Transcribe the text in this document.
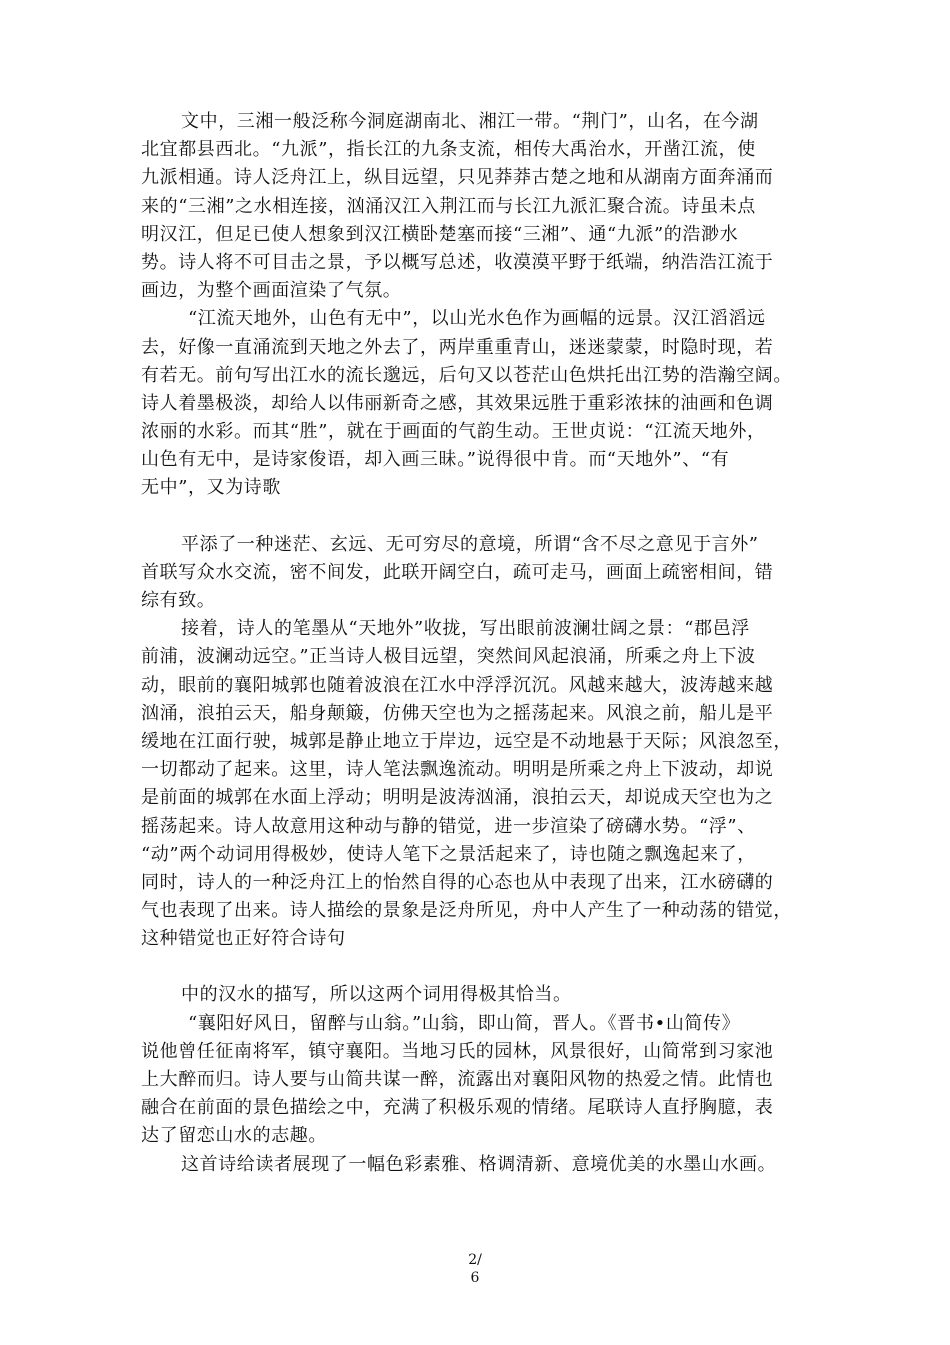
文中，三湘一般泛称今洞庭湖南北、湘江一带。“荆门”，山名，在今湖
北宜都县西北。“九派”，指长江的九条支流，相传大禹治水，开凿江流，使
九派相通。诗人泛舟江上，纵目远望，只见莽莽古楚之地和从湖南方面奔涌而
来的“三湘”之水相连接，汹涌汉江入荆江而与长江九派汇聚合流。诗虽未点
明汉江，但足已使人想象到汉江横卧楚塞而接“三湘”、通“九派”的浩渺水
势。诗人将不可目击之景，予以概写总述，收漠漠平野于纸端，纳浩浩江流于
画边，为整个画面渲染了气氛。
“江流天地外，山色有无中”，以山光水色作为画幅的远景。汉江滔滔远
去，好像一直涌流到天地之外去了，两岸重重青山，迷迷蒙蒙，时隐时现，若
有若无。前句写出江水的流长邈远，后句又以苍茫山色烘托出江势的浩瀚空阔。
诗人着墨极淡，却给人以伟丽新奇之感，其效果远胜于重彩浓抹的油画和色调
浓丽的水彩。而其“胜”，就在于画面的气韵生动。王世贞说：“江流天地外，
山色有无中，是诗家俊语，却入画三昧。”说得很中肯。而“天地外”、“有
无中”，又为诗歌
平添了一种迷茫、玄远、无可穷尽的意境，所谓“含不尽之意见于言外”
首联写众水交流，密不间发，此联开阔空白，疏可走马，画面上疏密相间，错
综有致。
接着，诗人的笔墨从“天地外”收拢，写出眼前波澜壮阔之景：“郡邑浮
前浦，波澜动远空。”正当诗人极目远望，突然间风起浪涌，所乘之舟上下波
动，眼前的襄阳城郭也随着波浪在江水中浮浮沉沉。风越来越大，波涛越来越
汹涌，浪拍云天，船身颠簸，仿佛天空也为之摇荡起来。风浪之前，船儿是平
缓地在江面行驶，城郭是静止地立于岸边，远空是不动地悬于天际；风浪忽至，
一切都动了起来。这里，诗人笔法飘逸流动。明明是所乘之舟上下波动，却说
是前面的城郭在水面上浮动；明明是波涛汹涌，浪拍云天，却说成天空也为之
摇荡起来。诗人故意用这种动与静的错觉，进一步渲染了磅礴水势。“浮”、
“动”两个动词用得极妙，使诗人笔下之景活起来了，诗也随之飘逸起来了，
同时，诗人的一种泛舟江上的怡然自得的心态也从中表现了出来，江水磅礴的
气也表现了出来。诗人描绘的景象是泛舟所见，舟中人产生了一种动荡的错觉，
这种错觉也正好符合诗句
中的汉水的描写，所以这两个词用得极其恰当。
“襄阳好风日，留醉与山翁。”山翁，即山简，晋人。《晋书•山简传》
说他曾任征南将军，镇守襄阳。当地习氏的园林，风景很好，山简常到习家池
上大醉而归。诗人要与山简共谋一醉，流露出对襄阳风物的热爱之情。此情也
融合在前面的景色描绘之中，充满了积极乐观的情绪。尾联诗人直抒胸臆，表
达了留恋山水的志趣。
这首诗给读者展现了一幅色彩素雅、格调清新、意境优美的水墨山水画。
2/
6
